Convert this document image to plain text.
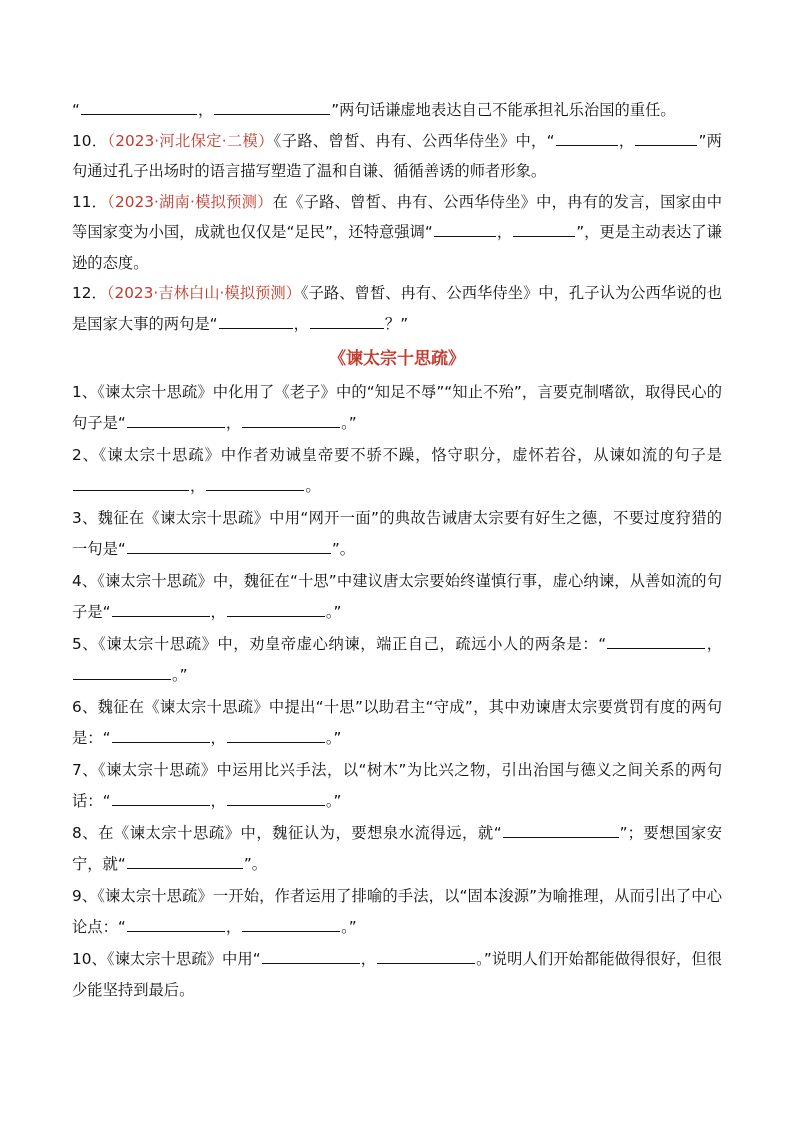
“	，	”两句话谦虚地表达自己不能承担礼乐治国的重任。

10．（2023·河北保定·二模）《子路、曾皙、冉有、公西华侍坐》中，“	，	”两句通过孔子出场时的语言描写塑造了温和自谦、循循善诱的师者形象。

11．（2023·湖南·模拟预测）在《子路、曾皙、冉有、公西华侍坐》中，冉有的发言，国家由中等国家变为小国，成就也仅仅是“足民”，还特意强调“	，	”，更是主动表达了谦逊的态度。

12．（2023·吉林白山·模拟预测）《子路、曾皙、冉有、公西华侍坐》中，孔子认为公西华说的也是国家大事的两句是“	，	？”

《谏太宗十思疏》

1、《谏太宗十思疏》中化用了《老子》中的“知足不辱”“知止不殆”，言要克制嗜欲，取得民心的句子是“	，	。”

2、《谏太宗十思疏》中作者劝诫皇帝要不骄不躁，恪守职分，虚怀若谷，从谏如流的句子是，	。

3、魏征在《谏太宗十思疏》中用“网开一面”的典故告诫唐太宗要有好生之德，不要过度狩猎的一句是“	”。

4、《谏太宗十思疏》中，魏征在“十思”中建议唐太宗要始终谨慎行事，虚心纳谏，从善如流的句子是“	，	。”

5、《谏太宗十思疏》中，劝皇帝虚心纳谏，端正自己，疏远小人的两条是：“	，。”

6、魏征在《谏太宗十思疏》中提出“十思”以助君主“守成”，其中劝谏唐太宗要赏罚有度的两句是：“	，	。”

7、《谏太宗十思疏》中运用比兴手法，以“树木”为比兴之物，引出治国与德义之间关系的两句话：“	，	。”

8、在《谏太宗十思疏》中，魏征认为，要想泉水流得远，就“	”；要想国家安宁，就“	”。

9、《谏太宗十思疏》一开始，作者运用了排喻的手法，以“固本浚源”为喻推理，从而引出了中心论点：“	，	。”

10、《谏太宗十思疏》中用“	，	。”说明人们开始都能做得很好，但很少能坚持到最后。
